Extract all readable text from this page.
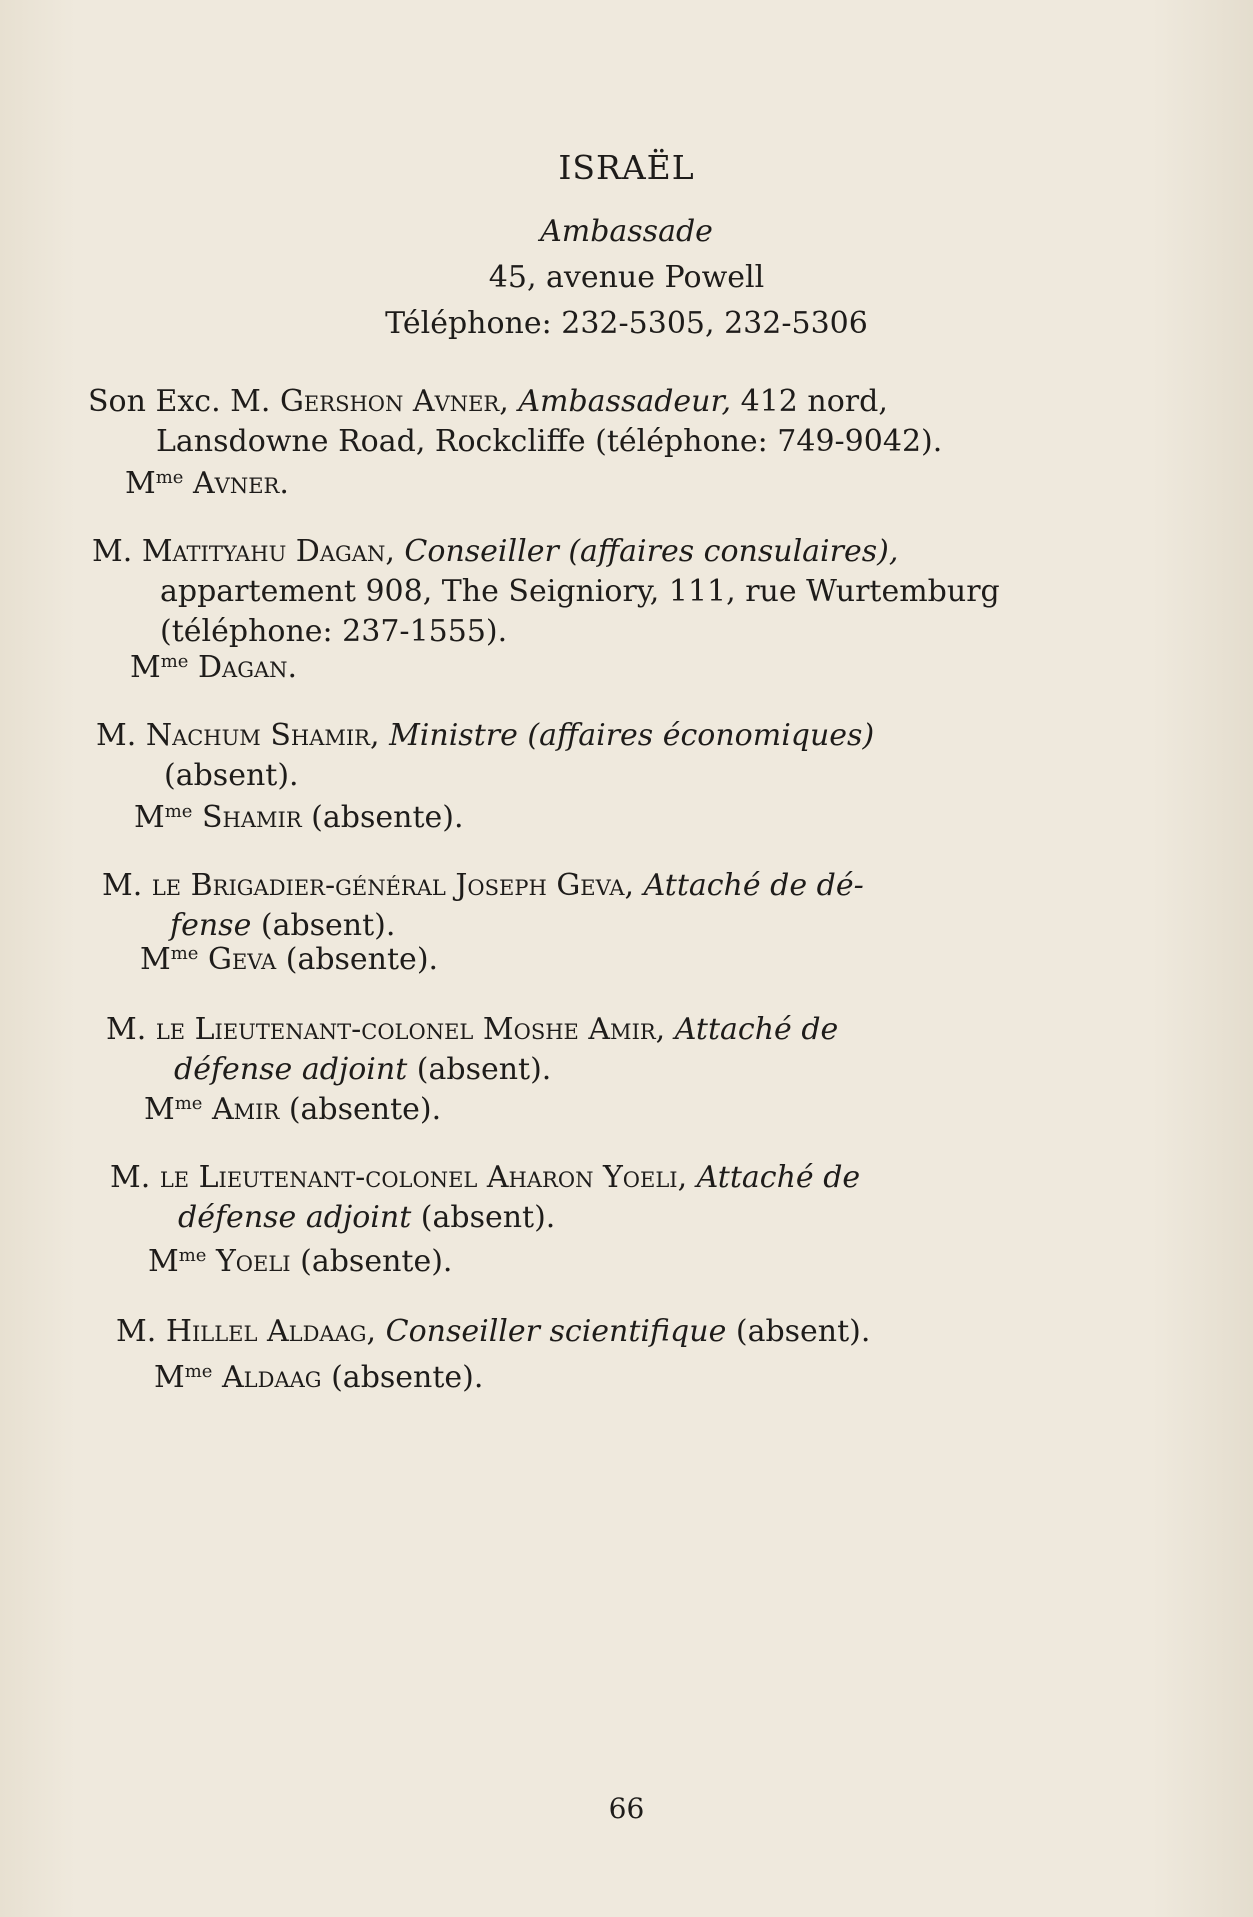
ISRAËL
Ambassade
45, avenue Powell
Téléphone: 232-5305, 232-5306
Son Exc. M. Gershon Avner, Ambassadeur, 412 nord,
Lansdowne Road, Rockcliffe (téléphone: 749-9042).
$M^{me}$ Avner.
M. Matityahu Dagan, Conseiller (affaires consulaires),
appartement 908, The Seigniory, 111, rue Wurtemburg
(téléphone: 237-1555).
$M^{me}$ Dagan.
M. Nachum Shamir, Ministre (affaires économiques)
(absent).
$M^{me}$ Shamir (absente).
M. le Brigadier-général Joseph Geva, Attaché de dé-
fense (absent).
$M^{me}$ Geva (absente).
M. le Lieutenant-colonel Moshe Amir, Attaché de
défense adjoint (absent).
$M^{me}$ Amir (absente).
M. le Lieutenant-colonel Aharon Yoeli, Attaché de
défense adjoint (absent).
$M^{me}$ Yoeli (absente).
M. Hillel Aldaag, Conseiller scientifique (absent).
$M^{me}$ Aldaag (absente).
66
